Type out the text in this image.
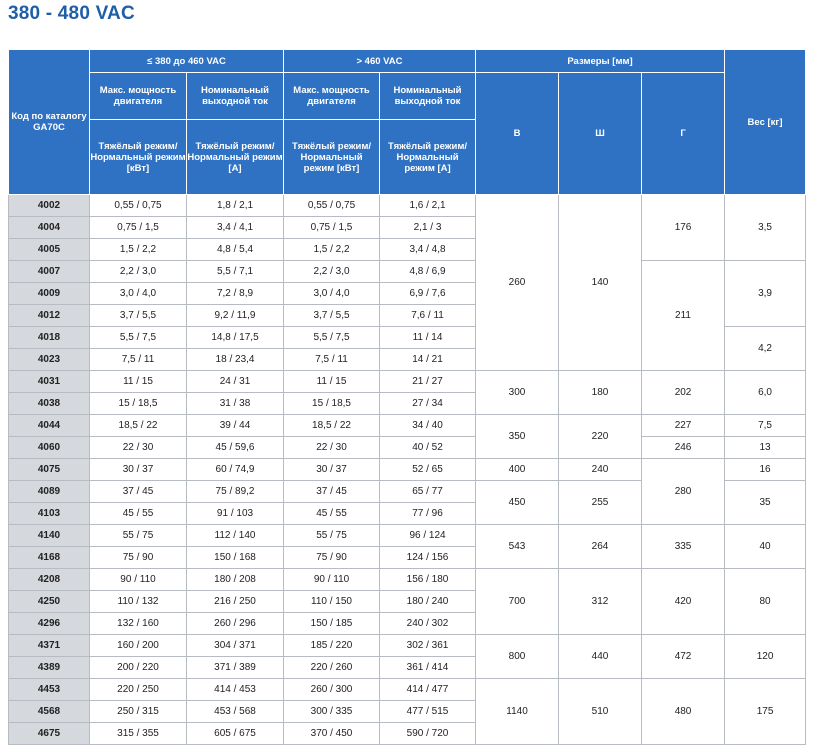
380 - 480 VAC
Код по каталогу GA70C	≤ 380 до 460 VAC		> 460 VAC		Размеры [мм]			Вес [кг]
	Макс. мощность двигателя	Номинальный выходной ток	Макс. мощность двигателя	Номинальный выходной ток	В	Ш	Г	
	Тяжёлый режим/ Нормальный режим [кВт]	Тяжёлый режим/ Нормальный режим [A]	Тяжёлый режим/ Нормальный режим [кВт]	Тяжёлый режим/ Нормальный режим [A]				
4002	0,55 / 0,75	1,8 / 2,1	0,55 / 0,75	1,6 / 2,1	260	140	176	3,5
4004	0,75 / 1,5	3,4 / 4,1	0,75 / 1,5	2,1 / 3				
4005	1,5 / 2,2	4,8 / 5,4	1,5 / 2,2	3,4 / 4,8				
4007	2,2 / 3,0	5,5 / 7,1	2,2 / 3,0	4,8 / 6,9			211	3,9
4009	3,0 / 4,0	7,2 / 8,9	3,0 / 4,0	6,9 / 7,6				
4012	3,7 / 5,5	9,2 / 11,9	3,7 / 5,5	7,6 / 11				
4018	5,5 / 7,5	14,8 / 17,5	5,5 / 7,5	11 / 14				4,2
4023	7,5 / 11	18 / 23,4	7,5 / 11	14 / 21				
4031	11 / 15	24 / 31	11 / 15	21 / 27	300	180	202	6,0
4038	15 / 18,5	31 / 38	15 / 18,5	27 / 34				
4044	18,5 / 22	39 / 44	18,5 / 22	34 / 40	350	220	227	7,5
4060	22 / 30	45 / 59,6	22 / 30	40 / 52			246	13
4075	30 / 37	60 / 74,9	30 / 37	52 / 65	400	240	280	16
4089	37 / 45	75 / 89,2	37 / 45	65 / 77	450	255		35
4103	45 / 55	91 / 103	45 / 55	77 / 96				
4140	55 / 75	112 / 140	55 / 75	96 / 124	543	264	335	40
4168	75 / 90	150 / 168	75 / 90	124 / 156				
4208	90 / 110	180 / 208	90 / 110	156 / 180	700	312	420	80
4250	110 / 132	216 / 250	110 / 150	180 / 240				
4296	132 / 160	260 / 296	150 / 185	240 / 302				
4371	160 / 200	304 / 371	185 / 220	302 / 361	800	440	472	120
4389	200 / 220	371 / 389	220 / 260	361 / 414				
4453	220 / 250	414 / 453	260 / 300	414 / 477	1140	510	480	175
4568	250 / 315	453 / 568	300 / 335	477 / 515				
4675	315 / 355	605 / 675	370 / 450	590 / 720				
